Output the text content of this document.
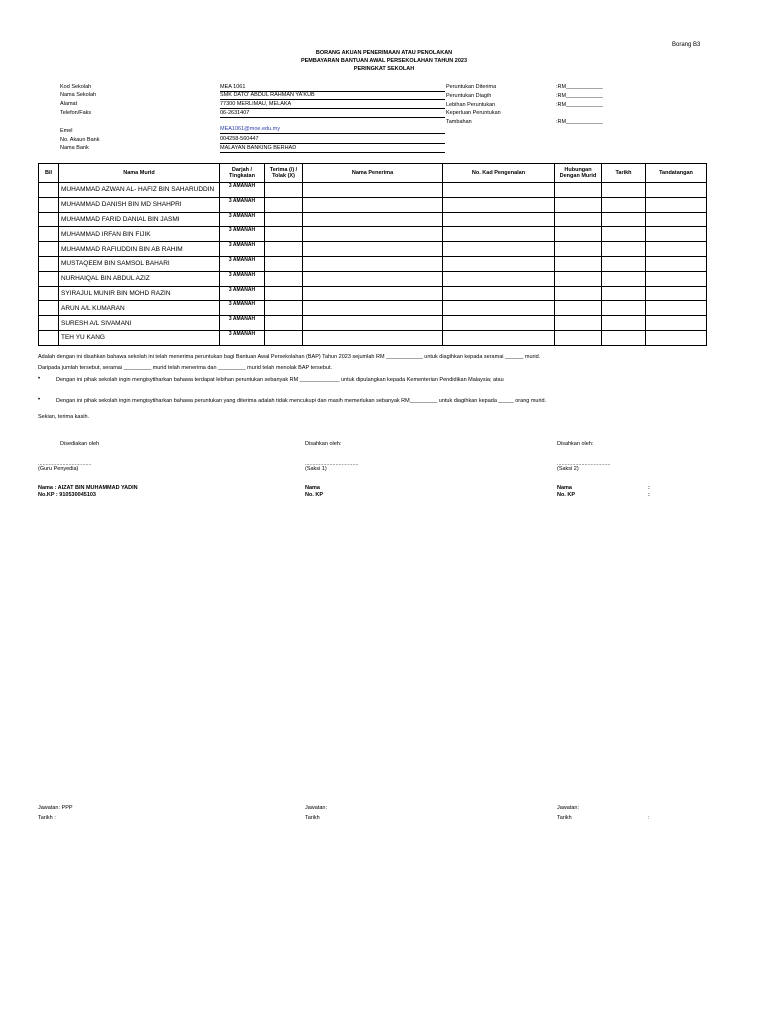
Borang B3
BORANG AKUAN PENERIMAAN ATAU PENOLAKAN
PEMBAYARAN BANTUAN AWAL PERSEKOLAHAN TAHUN 2023
PERINGKAT SEKOLAH
Kod Sekolah	MEA 1061
Nama Sekolah	SMK DATO' ABDUL RAHMAN YA'KUB
Alamat	77300 MERLIMAU, MELAKA
Telefon/Faks	06-2631407
Emel	MEA1061@moe.edu.my
No. Akaun Bank	004258-560447
Nama Bank	MALAYAN BANKING BERHAD
Peruntukan Diterima	:RM____________
Peruntukan Diagih	:RM____________
Lebihan Peruntukan	:RM____________
Keperluan Peruntukan
Tambahan	:RM____________
Bil	Nama Murid	Darjah / Tingkatan	Terima (/) / Tolak (X)	Nama Penerima	No. Kad Pengenalan	Hubungan Dengan Murid	Tarikh	Tandatangan
	MUHAMMAD AZWAN AL- HAFIZ BIN SAHARUDDIN	3 AMANAH						
	MUHAMMAD DANISH BIN MD SHAHPRI	3 AMANAH						
	MUHAMMAD FARID DANIAL BIN JASMI	3 AMANAH						
	MUHAMMAD IRFAN BIN FIJIK	3 AMANAH						
	MUHAMMAD RAFIUDDIN BIN AB RAHIM	3 AMANAH						
	MUSTAQEEM BIN SAMSOL BAHARI	3 AMANAH						
	NURHAIQAL BIN ABDUL AZIZ	3 AMANAH						
	SYIRAJUL MUNIR BIN MOHD RAZIN	3 AMANAH						
	ARUN A/L KUMARAN	3 AMANAH						
	SURESH A/L SIVAMANI	3 AMANAH						
	TEH YU KANG	3 AMANAH						
Adalah dengan ini disahkan bahawa sekolah ini telah menerima peruntukan bagi Bantuan Awal Persekolahan (BAP) Tahun 2023 sejumlah RM ____________ untuk diagihkan kepada seramai ______ murid.
Daripada jumlah tersebut, seramai _________ murid telah menerima dan _________ murid telah menolak BAP tersebut.
•	Dengan ini pihak sekolah ingin mengisytiharkan bahawa terdapat lebihan peruntukan sebanyak RM _____________ untuk dipulangkan kepada Kementerian Pendidikan Malaysia; atau
•	Dengan ini pihak sekolah ingin mengisytiharkan bahawa peruntukan yang diterima adalah tidak mencukupi dan masih memerlukan sebanyak RM_________ untuk diagihkan kepada _____ orang murid.
Sekian, terima kasih.
Disediakan oleh
...................................
(Guru Penyedia)
Nama : AIZAT BIN MUHAMMAD YADIN
No.KP : 910530045103
Jawatan: PPP
Tarikh :
Disahkan oleh:
...................................
(Saksi 1)
Nama
No. KP
Jawatan:
Tarikh
Disahkan oleh:
...................................
(Saksi 2)
Nama	:
No. KP	:
Jawatan:
Tarikh	:
